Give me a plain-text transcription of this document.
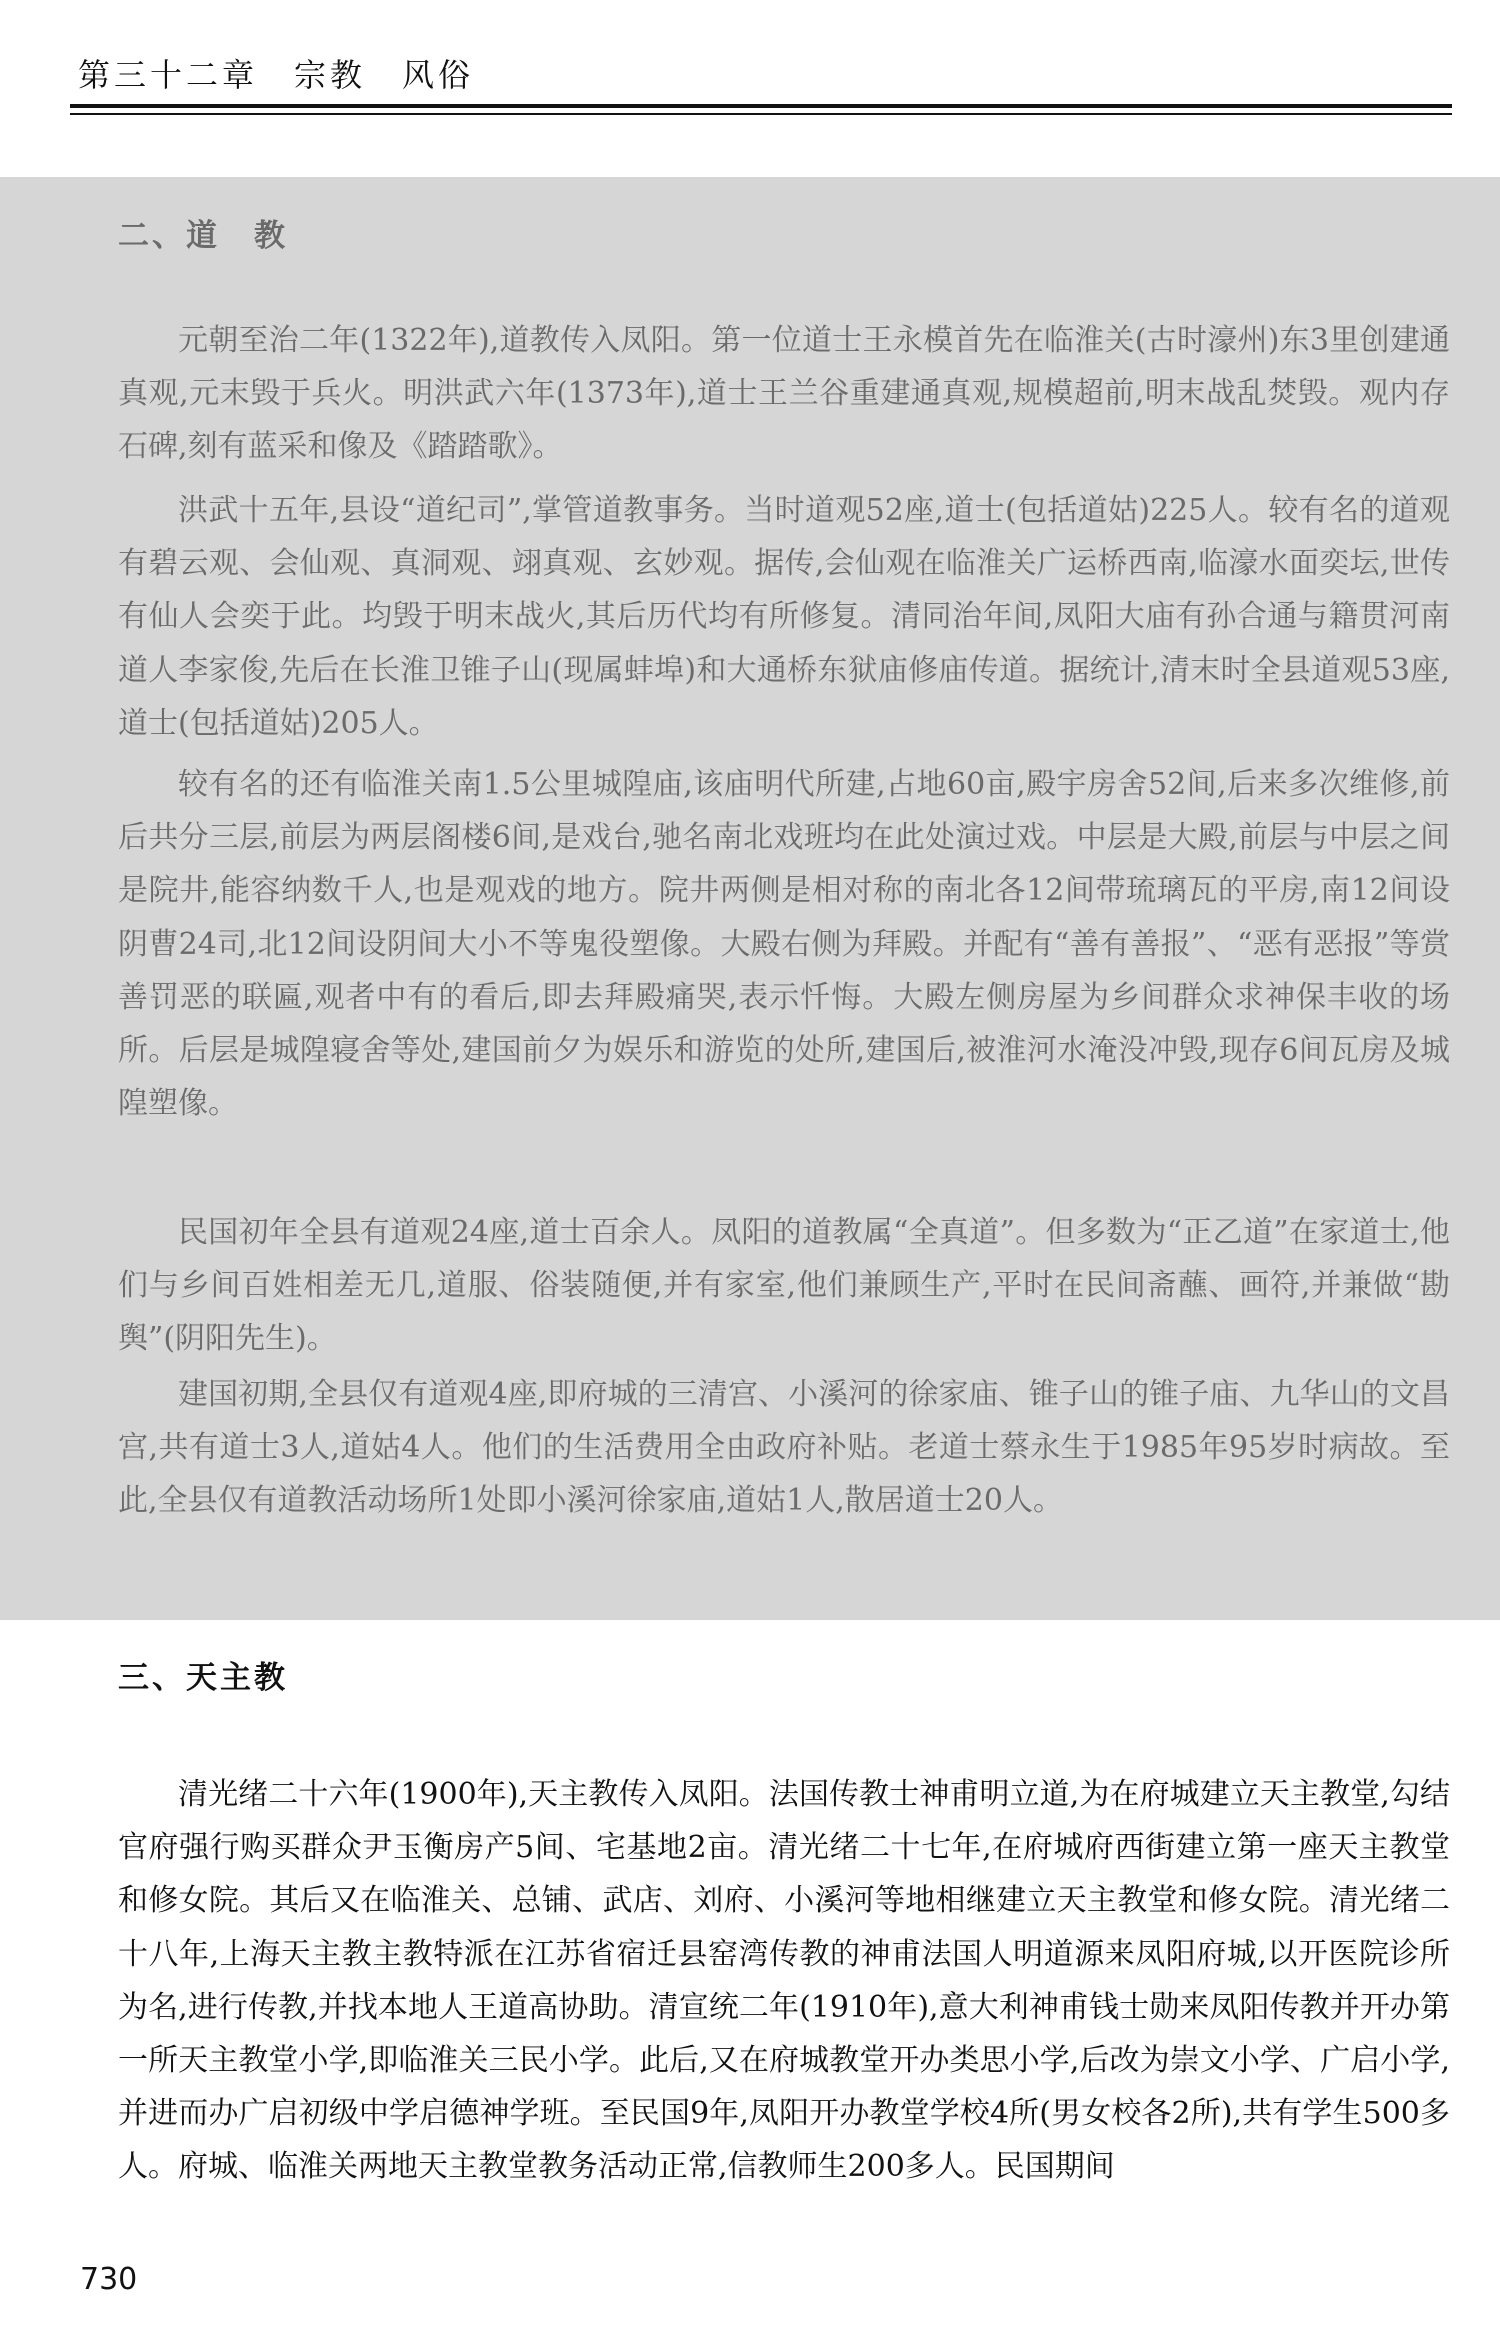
第三十二章　宗教　风俗
二、道　教

元朝至治二年(1322年),道教传入凤阳。第一位道士王永模首先在临淮关(古时濠州)东3里创建通真观,元末毁于兵火。明洪武六年(1373年),道士王兰谷重建通真观,规模超前,明末战乱焚毁。观内存石碑,刻有蓝采和像及《踏踏歌》。

洪武十五年,县设“道纪司”,掌管道教事务。当时道观52座,道士(包括道姑)225人。较有名的道观有碧云观、会仙观、真洞观、翊真观、玄妙观。据传,会仙观在临淮关广运桥西南,临濠水面奕坛,世传有仙人会奕于此。均毁于明末战火,其后历代均有所修复。清同治年间,凤阳大庙有孙合通与籍贯河南道人李家俊,先后在长淮卫锥子山(现属蚌埠)和大通桥东狱庙修庙传道。据统计,清末时全县道观53座,道士(包括道姑)205人。

较有名的还有临淮关南1.5公里城隍庙,该庙明代所建,占地60亩,殿宇房舍52间,后来多次维修,前后共分三层,前层为两层阁楼6间,是戏台,驰名南北戏班均在此处演过戏。中层是大殿,前层与中层之间是院井,能容纳数千人,也是观戏的地方。院井两侧是相对称的南北各12间带琉璃瓦的平房,南12间设阴曹24司,北12间设阴间大小不等鬼役塑像。大殿右侧为拜殿。并配有“善有善报”、“恶有恶报”等赏善罚恶的联匾,观者中有的看后,即去拜殿痛哭,表示忏悔。大殿左侧房屋为乡间群众求神保丰收的场所。后层是城隍寝舍等处,建国前夕为娱乐和游览的处所,建国后,被淮河水淹没冲毁,现存6间瓦房及城隍塑像。

民国初年全县有道观24座,道士百余人。凤阳的道教属“全真道”。但多数为“正乙道”在家道士,他们与乡间百姓相差无几,道服、俗装随便,并有家室,他们兼顾生产,平时在民间斋蘸、画符,并兼做“勘舆”(阴阳先生)。

建国初期,全县仅有道观4座,即府城的三清宫、小溪河的徐家庙、锥子山的锥子庙、九华山的文昌宫,共有道士3人,道姑4人。他们的生活费用全由政府补贴。老道士蔡永生于1985年95岁时病故。至此,全县仅有道教活动场所1处即小溪河徐家庙,道姑1人,散居道士20人。

三、天主教

清光绪二十六年(1900年),天主教传入凤阳。法国传教士神甫明立道,为在府城建立天主教堂,勾结官府强行购买群众尹玉衡房产5间、宅基地2亩。清光绪二十七年,在府城府西街建立第一座天主教堂和修女院。其后又在临淮关、总铺、武店、刘府、小溪河等地相继建立天主教堂和修女院。清光绪二十八年,上海天主教主教特派在江苏省宿迁县窑湾传教的神甫法国人明道源来凤阳府城,以开医院诊所为名,进行传教,并找本地人王道高协助。清宣统二年(1910年),意大利神甫钱士勋来凤阳传教并开办第一所天主教堂小学,即临淮关三民小学。此后,又在府城教堂开办类思小学,后改为崇文小学、广启小学,并进而办广启初级中学启德神学班。至民国9年,凤阳开办教堂学校4所(男女校各2所),共有学生500多人。府城、临淮关两地天主教堂教务活动正常,信教师生200多人。民国期间

730
